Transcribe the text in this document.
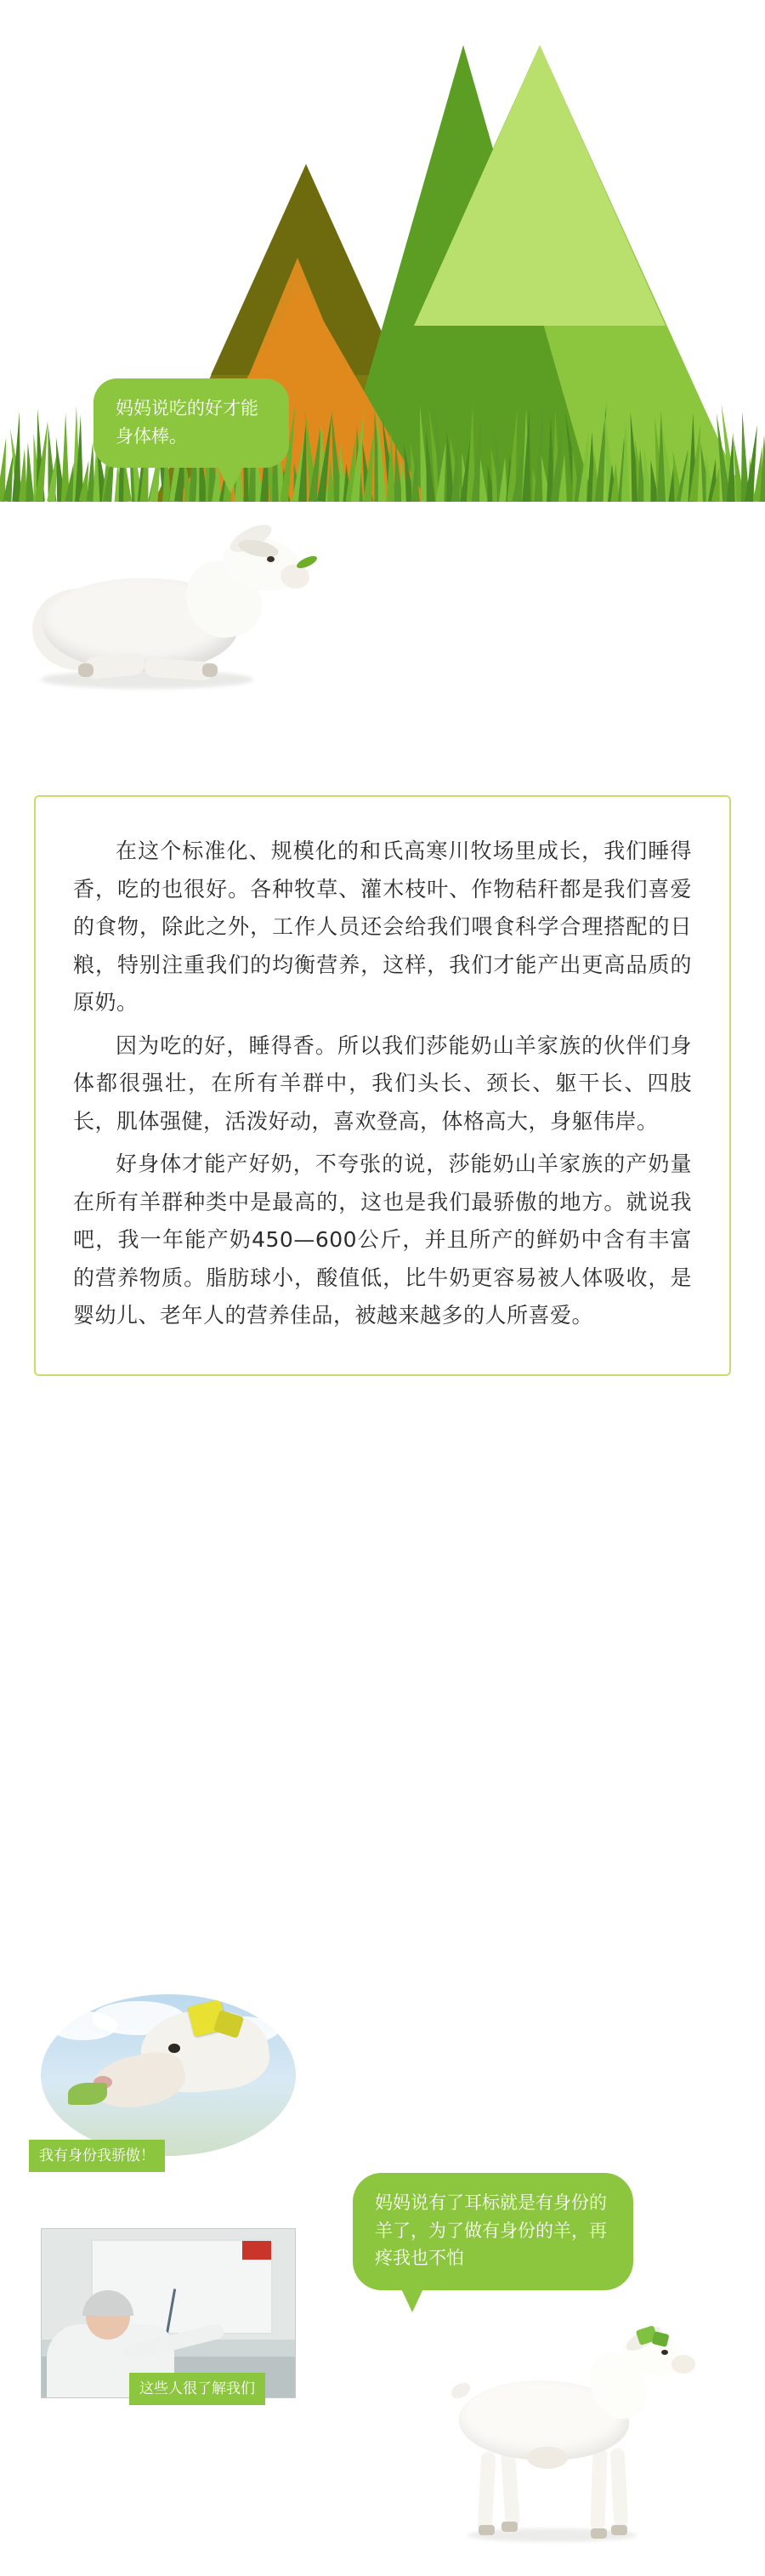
妈妈说吃的好才能身体棒。

在这个标准化、规模化的和氏高寒川牧场里成长，我们睡得香，吃的也很好。各种牧草、灌木枝叶、作物秸秆都是我们喜爱的食物，除此之外，工作人员还会给我们喂食科学合理搭配的日粮，特别注重我们的均衡营养，这样，我们才能产出更高品质的原奶。

因为吃的好，睡得香。所以我们莎能奶山羊家族的伙伴们身体都很强壮，在所有羊群中，我们头长、颈长、躯干长、四肢长，肌体强健，活泼好动，喜欢登高，体格高大，身躯伟岸。

好身体才能产好奶，不夸张的说，莎能奶山羊家族的产奶量在所有羊群种类中是最高的，这也是我们最骄傲的地方。就说我吧，我一年能产奶450—600公斤，并且所产的鲜奶中含有丰富的营养物质。脂肪球小，酸值低，比牛奶更容易被人体吸收，是婴幼儿、老年人的营养佳品，被越来越多的人所喜爱。

我有身份我骄傲！
这些人很了解我们
妈妈说有了耳标就是有身份的羊了，为了做有身份的羊，再疼我也不怕
